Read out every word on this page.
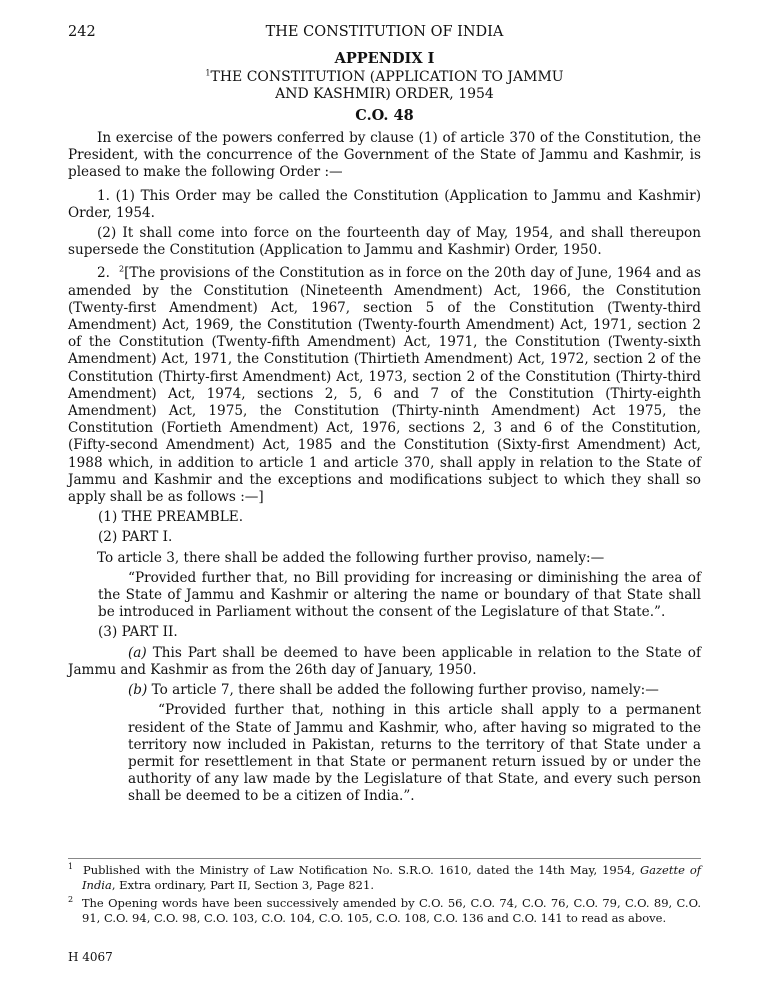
242	THE CONSTITUTION OF INDIA
APPENDIX I
$^1$THE CONSTITUTION (APPLICATION TO JAMMU
AND KASHMIR) ORDER, 1954
C.O. 48

In exercise of the powers conferred by clause (1) of article 370 of the Constitution, the President, with the concurrence of the Government of the State of Jammu and Kashmir, is pleased to make the following Order :—

1. (1) This Order may be called the Constitution (Application to Jammu and Kashmir) Order, 1954.

(2) It shall come into force on the fourteenth day of May, 1954, and shall thereupon supersede the Constitution (Application to Jammu and Kashmir) Order, 1950.

2. $^2$[The provisions of the Constitution as in force on the 20th day of June, 1964 and as amended by the Constitution (Nineteenth Amendment) Act, 1966, the Constitution (Twenty-first Amendment) Act, 1967, section 5 of the Constitution (Twenty-third Amendment) Act, 1969, the Constitution (Twenty-fourth Amendment) Act, 1971, section 2 of the Constitution (Twenty-fifth Amendment) Act, 1971, the Constitution (Twenty-sixth Amendment) Act, 1971, the Constitution (Thirtieth Amendment) Act, 1972, section 2 of the Constitution (Thirty-first Amendment) Act, 1973, section 2 of the Constitution (Thirty-third Amendment) Act, 1974, sections 2, 5, 6 and 7 of the Constitution (Thirty-eighth Amendment) Act, 1975, the Constitution (Thirty-ninth Amendment) Act 1975, the Constitution (Fortieth Amendment) Act, 1976, sections 2, 3 and 6 of the Constitution, (Fifty-second Amendment) Act, 1985 and the Constitution (Sixty-first Amendment) Act, 1988 which, in addition to article 1 and article 370, shall apply in relation to the State of Jammu and Kashmir and the exceptions and modifications subject to which they shall so apply shall be as follows :—]

(1) THE PREAMBLE.
(2) PART I.

To article 3, there shall be added the following further proviso, namely:—

“Provided further that, no Bill providing for increasing or diminishing the area of the State of Jammu and Kashmir or altering the name or boundary of that State shall be introduced in Parliament without the consent of the Legislature of that State.”.

(3) PART II.

(a) This Part shall be deemed to have been applicable in relation to the State of Jammu and Kashmir as from the 26th day of January, 1950.

(b) To article 7, there shall be added the following further proviso, namely:—

“Provided further that, nothing in this article shall apply to a permanent resident of the State of Jammu and Kashmir, who, after having so migrated to the territory now included in Pakistan, returns to the territory of that State under a permit for resettlement in that State or permanent return issued by or under the authority of any law made by the Legislature of that State, and every such person shall be deemed to be a citizen of India.”.

$^1$ Published with the Ministry of Law Notification No. S.R.O. 1610, dated the 14th May, 1954, Gazette of India, Extra ordinary, Part II, Section 3, Page 821.
$^2$ The Opening words have been successively amended by C.O. 56, C.O. 74, C.O. 76, C.O. 79, C.O. 89, C.O. 91, C.O. 94, C.O. 98, C.O. 103, C.O. 104, C.O. 105, C.O. 108, C.O. 136 and C.O. 141 to read as above.
H 4067
